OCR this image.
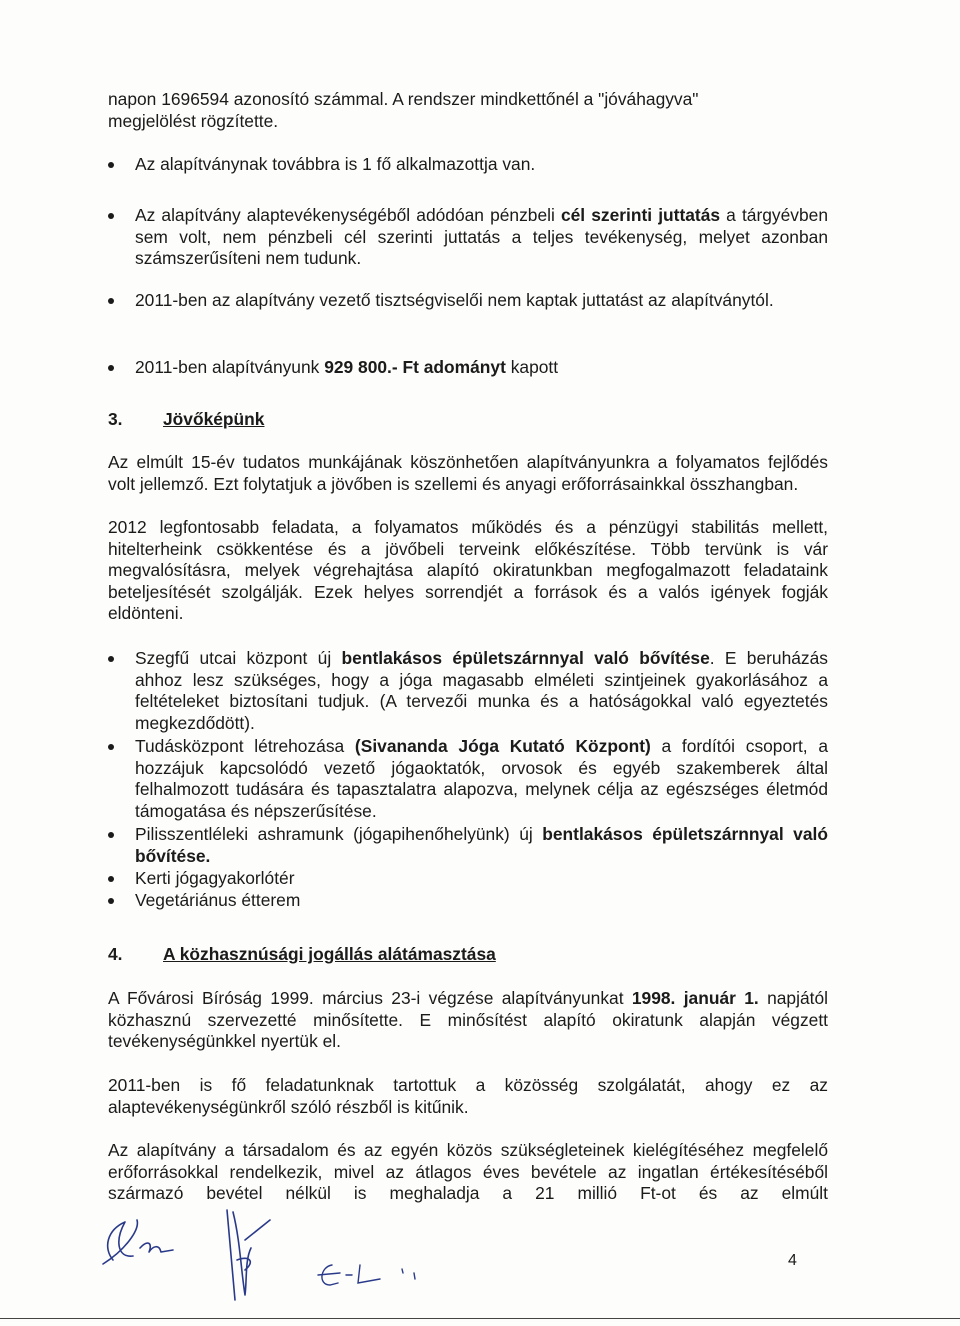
napon 1696594 azonosító számmal. A rendszer mindkettőnél a "jóváhagyva"

megjelölést rögzítette.

Az alapítványnak továbbra is 1 fő alkalmazottja van.
Az alapítvány alaptevékenységéből adódóan pénzbeli cél szerinti juttatás a tárgyévben sem volt, nem pénzbeli cél szerinti juttatás a teljes tevékenység, melyet azonban számszerűsíteni nem tudunk.
2011-ben az alapítvány vezető tisztségviselői nem kaptak juttatást az alapítványtól.
2011-ben alapítványunk 929 800.- Ft adományt kapott

3. Jövőképünk

Az elmúlt 15-év tudatos munkájának köszönhetően alapítványunkra a folyamatos fejlődés volt jellemző. Ezt folytatjuk a jövőben is szellemi és anyagi erőforrásainkkal összhangban.

2012 legfontosabb feladata, a folyamatos működés és a pénzügyi stabilitás mellett, hitelterheink csökkentése és a jövőbeli terveink előkészítése. Több tervünk is vár megvalósításra, melyek végrehajtása alapító okiratunkban megfogalmazott feladataink beteljesítését szolgálják. Ezek helyes sorrendjét a források és a valós igények fogják eldönteni.

Szegfű utcai központ új bentlakásos épületszárnnyal való bővítése. E beruházás ahhoz lesz szükséges, hogy a jóga magasabb elméleti szintjeinek gyakorlásához a feltételeket biztosítani tudjuk. (A tervezői munka és a hatóságokkal való egyeztetés megkezdődött).
Tudásközpont létrehozása (Sivananda Jóga Kutató Központ) a fordítói csoport, a hozzájuk kapcsolódó vezető jógaoktatók, orvosok és egyéb szakemberek által felhalmozott tudására és tapasztalatra alapozva, melynek célja az egészséges életmód támogatása és népszerűsítése.
Pilisszentléleki ashramunk (jógapihenőhelyünk) új bentlakásos épületszárnnyal való bővítése.
Kerti jógagyakorlótér
Vegetáriánus étterem

4. A közhasznúsági jogállás alátámasztása

A Fővárosi Bíróság 1999. március 23-i végzése alapítványunkat 1998. január 1. napjától közhasznú szervezetté minősítette. E minősítést alapító okiratunk alapján végzett tevékenységünkkel nyertük el.

2011-ben is fő feladatunknak tartottuk a közösség szolgálatát, ahogy ez az alaptevékenységünkről szóló részből is kitűnik.

Az alapítvány a társadalom és az egyén közös szükségleteinek kielégítéséhez megfelelő erőforrásokkal rendelkezik, mivel az átlagos éves bevétele az ingatlan értékesítéséből származó bevétel nélkül is meghaladja a 21 millió Ft-ot és az elmúlt

4
